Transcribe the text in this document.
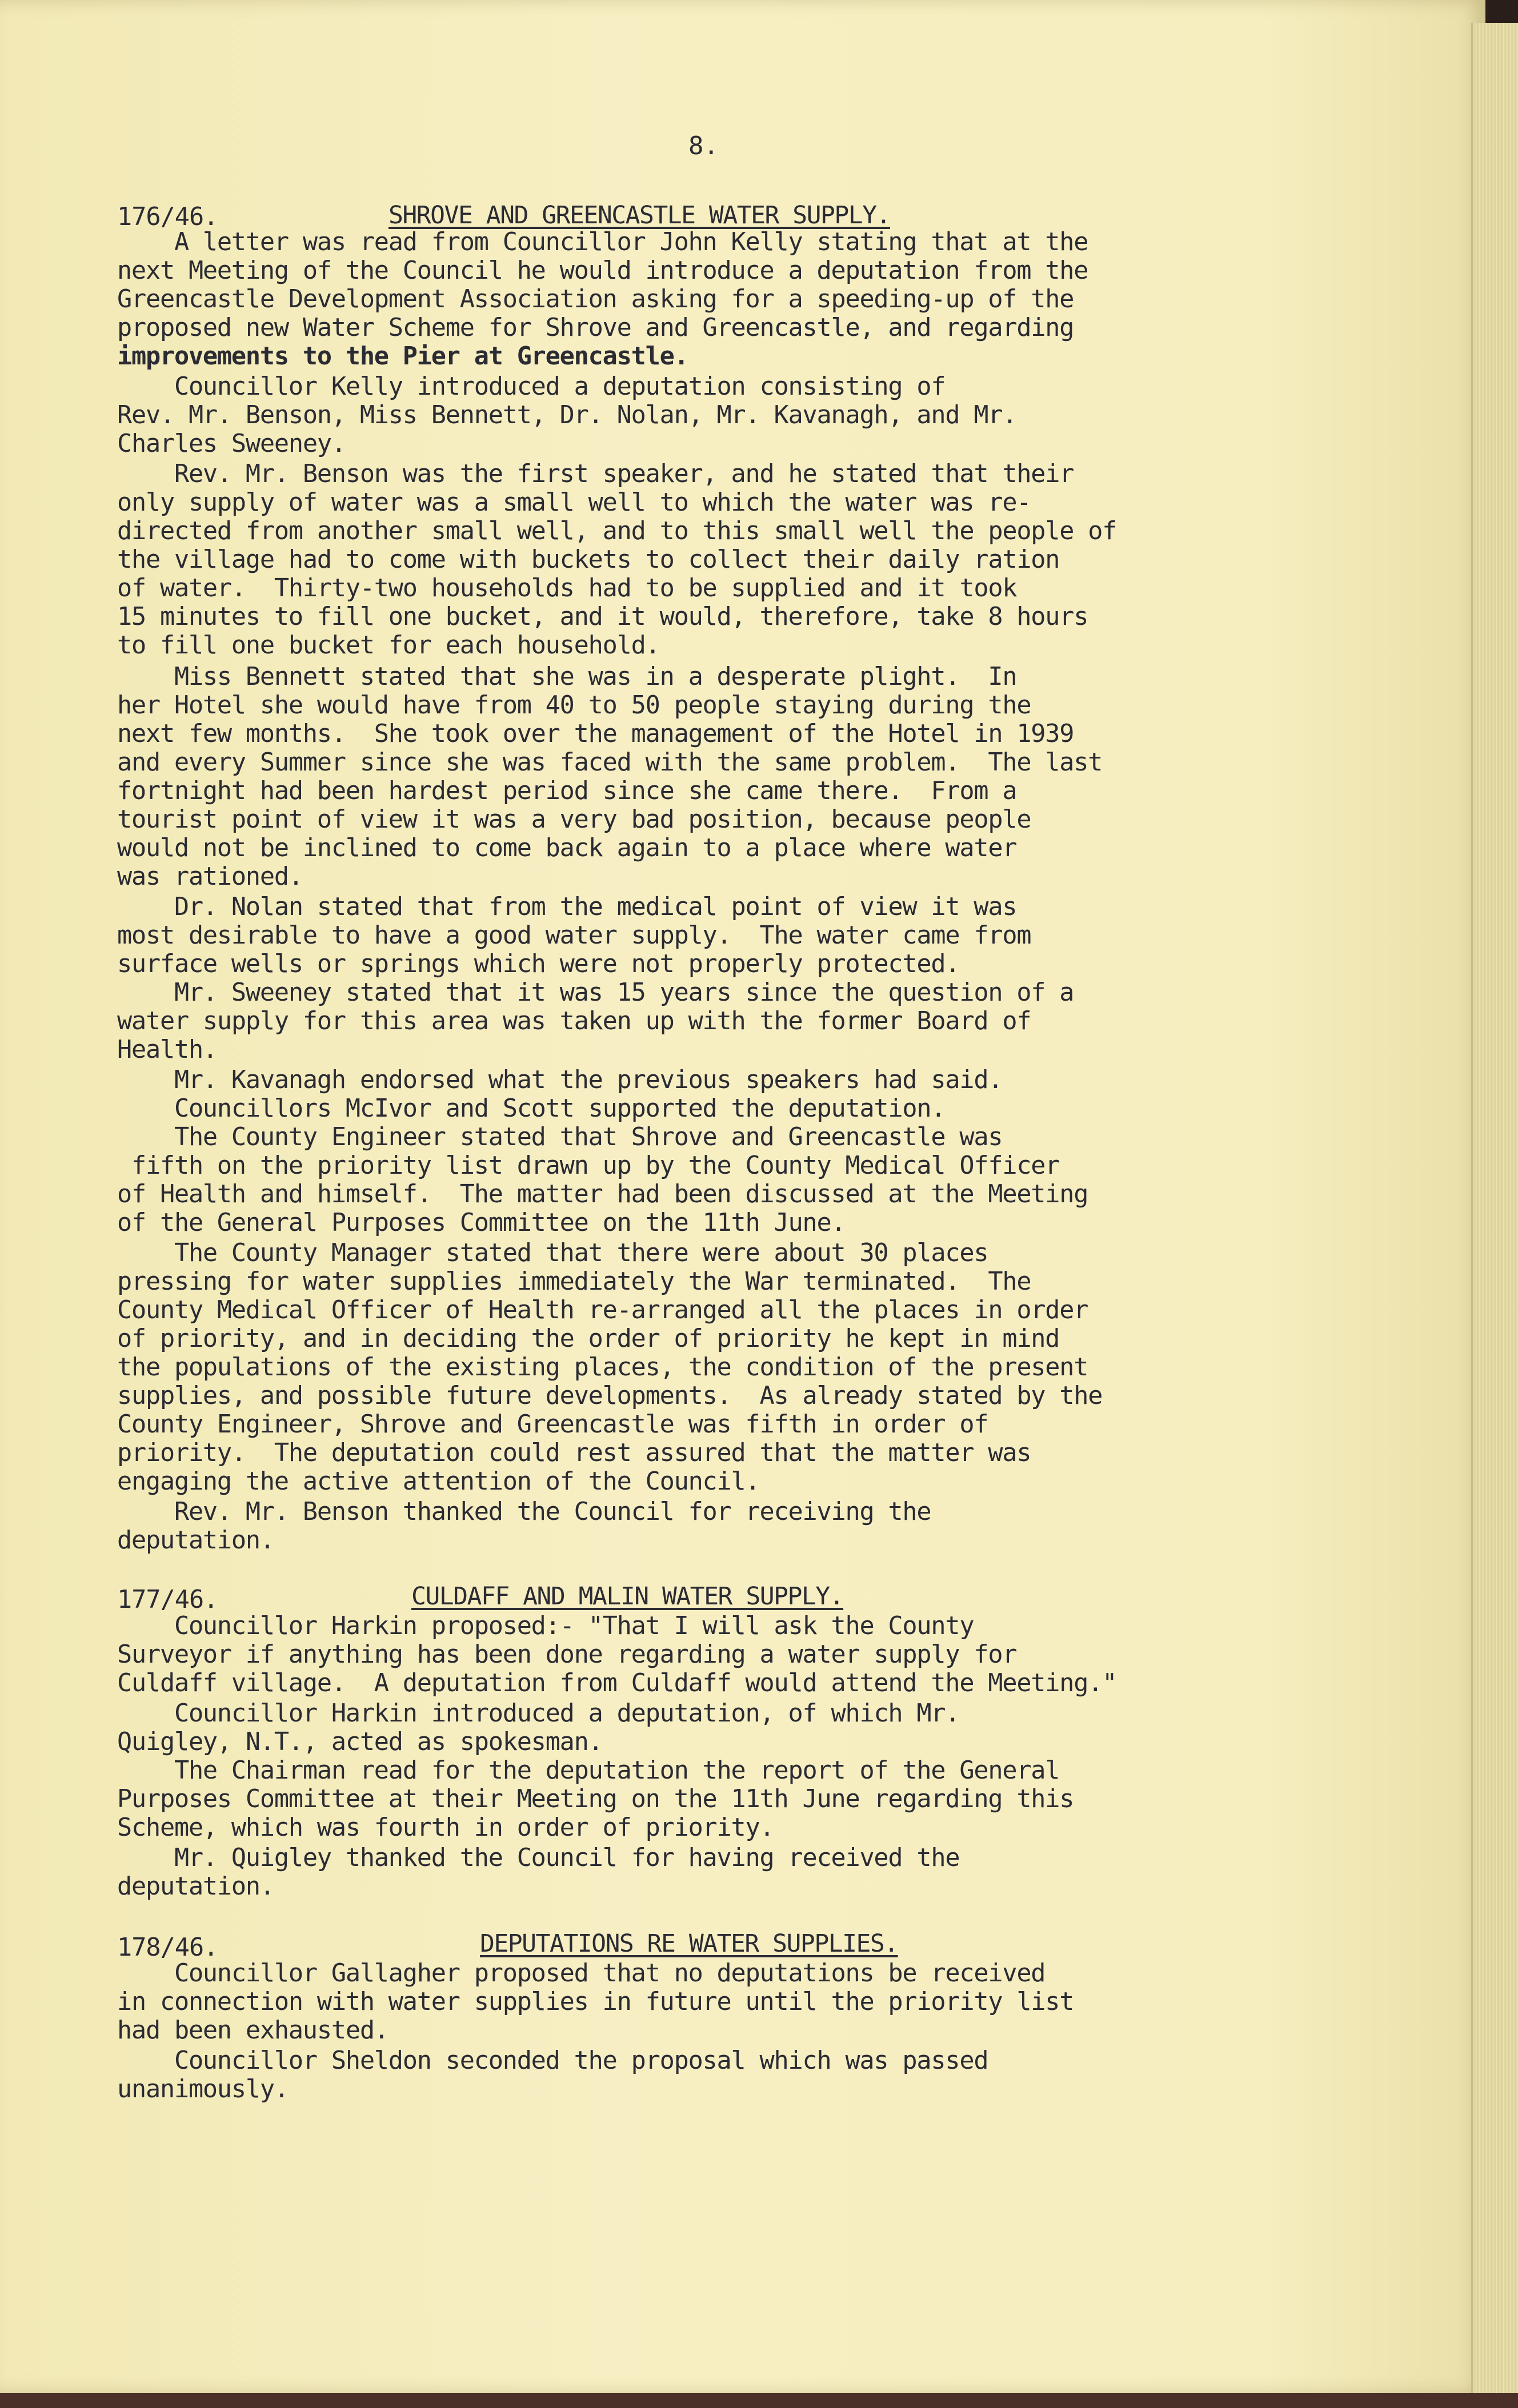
8.
176/46.	SHROVE AND GREENCASTLE WATER SUPPLY.
A letter was read from Councillor John Kelly stating that at the
next Meeting of the Council he would introduce a deputation from the
Greencastle Development Association asking for a speeding-up of the
proposed new Water Scheme for Shrove and Greencastle, and regarding
improvements to the Pier at Greencastle.
Councillor Kelly introduced a deputation consisting of
Rev. Mr. Benson, Miss Bennett, Dr. Nolan, Mr. Kavanagh, and Mr.
Charles Sweeney.
Rev. Mr. Benson was the first speaker, and he stated that their
only supply of water was a small well to which the water was re-
directed from another small well, and to this small well the people of
the village had to come with buckets to collect their daily ration
of water.  Thirty-two households had to be supplied and it took
15 minutes to fill one bucket, and it would, therefore, take 8 hours
to fill one bucket for each household.
Miss Bennett stated that she was in a desperate plight.  In
her Hotel she would have from 40 to 50 people staying during the
next few months.  She took over the management of the Hotel in 1939
and every Summer since she was faced with the same problem.  The last
fortnight had been hardest period since she came there.  From a
tourist point of view it was a very bad position, because people
would not be inclined to come back again to a place where water
was rationed.
Dr. Nolan stated that from the medical point of view it was
most desirable to have a good water supply.  The water came from
surface wells or springs which were not properly protected.
Mr. Sweeney stated that it was 15 years since the question of a
water supply for this area was taken up with the former Board of
Health.
Mr. Kavanagh endorsed what the previous speakers had said.
Councillors McIvor and Scott supported the deputation.
The County Engineer stated that Shrove and Greencastle was
fifth on the priority list drawn up by the County Medical Officer
of Health and himself.  The matter had been discussed at the Meeting
of the General Purposes Committee on the 11th June.
The County Manager stated that there were about 30 places
pressing for water supplies immediately the War terminated.  The
County Medical Officer of Health re-arranged all the places in order
of priority, and in deciding the order of priority he kept in mind
the populations of the existing places, the condition of the present
supplies, and possible future developments.  As already stated by the
County Engineer, Shrove and Greencastle was fifth in order of
priority.  The deputation could rest assured that the matter was
engaging the active attention of the Council.
Rev. Mr. Benson thanked the Council for receiving the
deputation.
177/46.	CULDAFF AND MALIN WATER SUPPLY.
Councillor Harkin proposed:- "That I will ask the County
Surveyor if anything has been done regarding a water supply for
Culdaff village.  A deputation from Culdaff would attend the Meeting."
Councillor Harkin introduced a deputation, of which Mr.
Quigley, N.T., acted as spokesman.
The Chairman read for the deputation the report of the General
Purposes Committee at their Meeting on the 11th June regarding this
Scheme, which was fourth in order of priority.
Mr. Quigley thanked the Council for having received the
deputation.
178/46.	DEPUTATIONS RE WATER SUPPLIES.
Councillor Gallagher proposed that no deputations be received
in connection with water supplies in future until the priority list
had been exhausted.
Councillor Sheldon seconded the proposal which was passed
unanimously.
